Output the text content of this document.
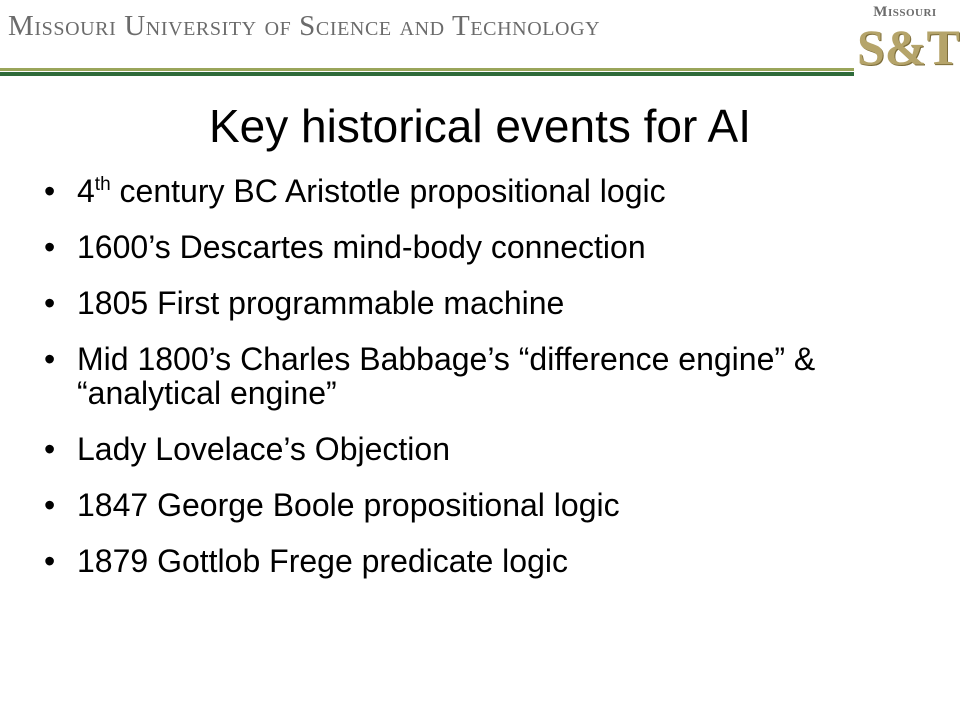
Missouri University of Science and Technology	Missouri
S&T
Key historical events for AI
• 4th century BC Aristotle propositional logic
• 1600’s Descartes mind-body connection
• 1805 First programmable machine
• Mid 1800’s Charles Babbage’s “difference engine” & “analytical engine”
• Lady Lovelace’s Objection
• 1847 George Boole propositional logic
• 1879 Gottlob Frege predicate logic
